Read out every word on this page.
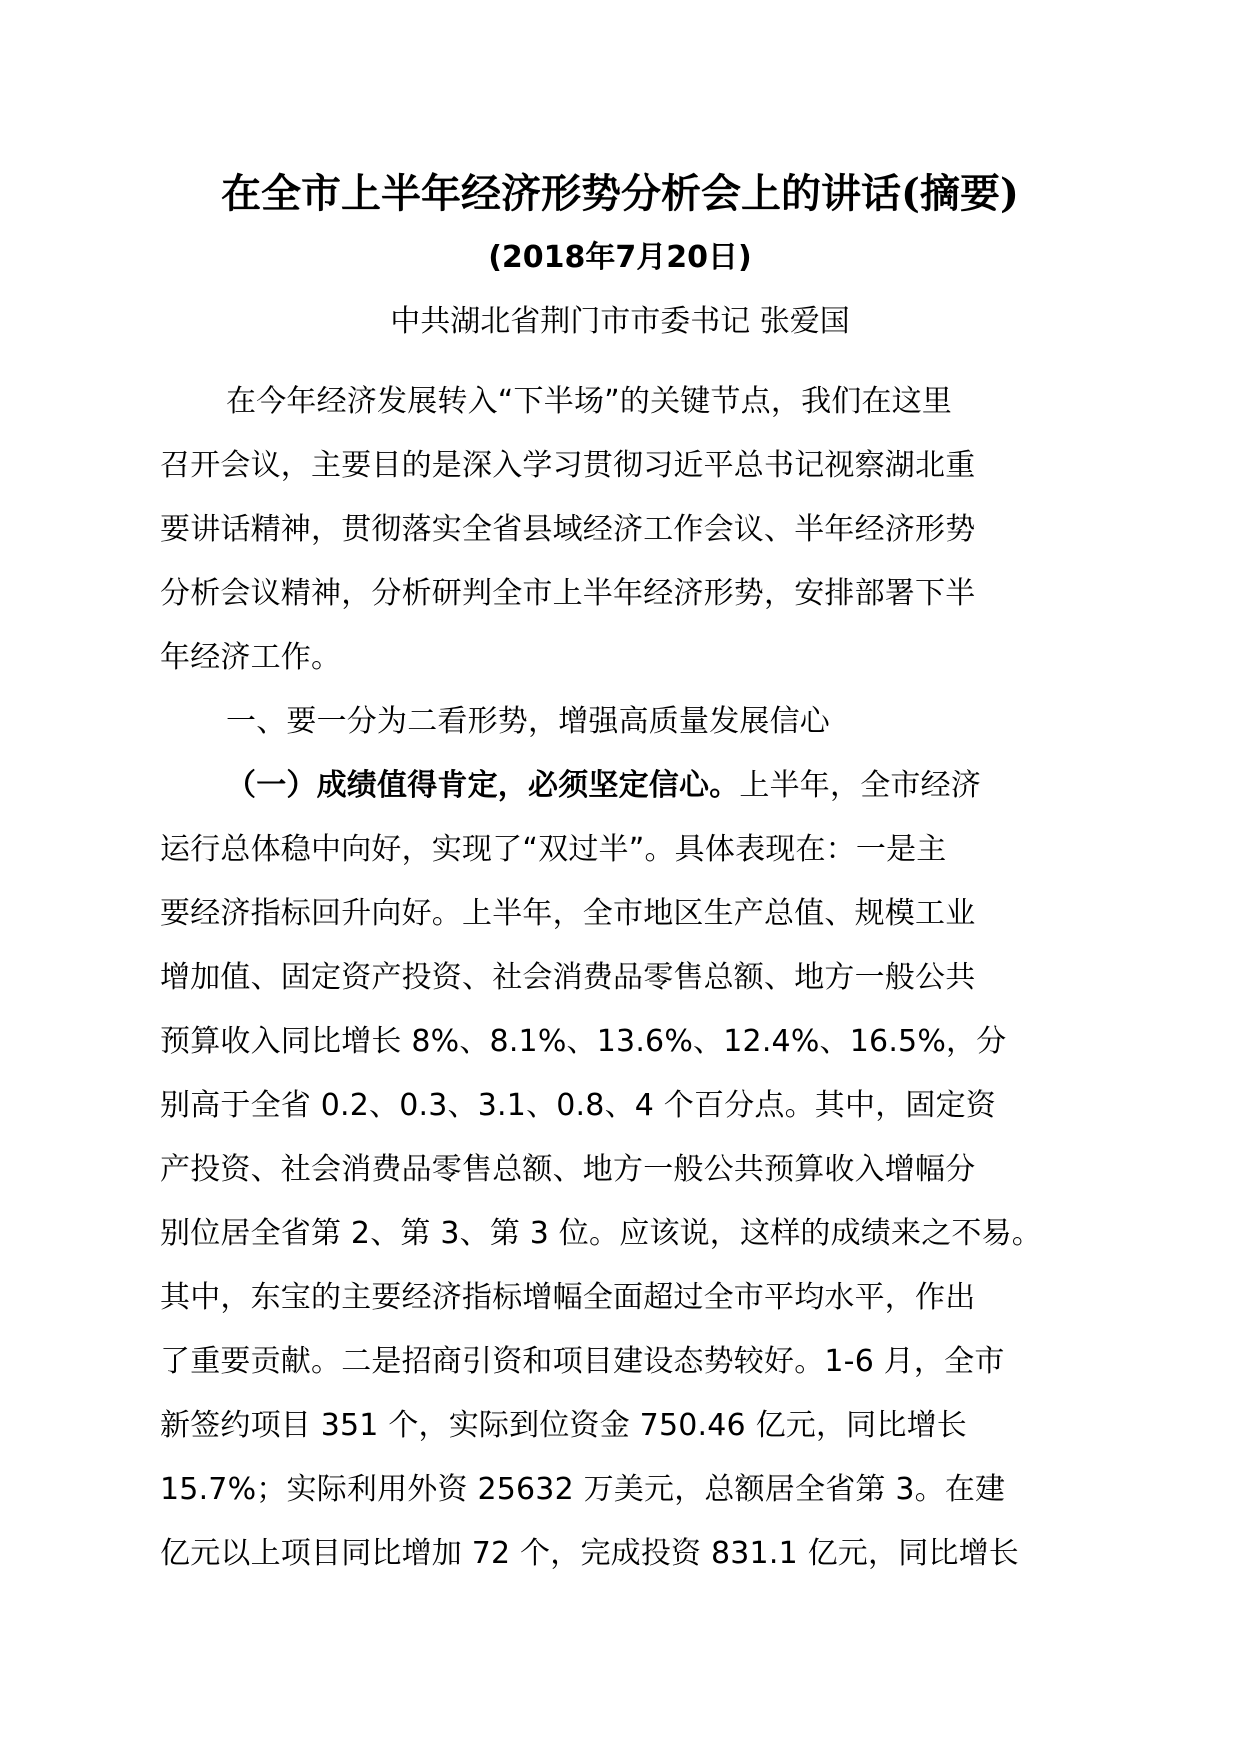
在全市上半年经济形势分析会上的讲话(摘要)
(2018年7月20日)
中共湖北省荆门市市委书记 张爱国
在今年经济发展转入“下半场”的关键节点，我们在这里
召开会议，主要目的是深入学习贯彻习近平总书记视察湖北重
要讲话精神，贯彻落实全省县域经济工作会议、半年经济形势
分析会议精神，分析研判全市上半年经济形势，安排部署下半
年经济工作。
一、要一分为二看形势，增强高质量发展信心
（一）成绩值得肯定，必须坚定信心。上半年，全市经济
运行总体稳中向好，实现了“双过半”。具体表现在：一是主
要经济指标回升向好。上半年，全市地区生产总值、规模工业
增加值、固定资产投资、社会消费品零售总额、地方一般公共
预算收入同比增长 8%、8.1%、13.6%、12.4%、16.5%，分
别高于全省 0.2、0.3、3.1、0.8、4 个百分点。其中，固定资
产投资、社会消费品零售总额、地方一般公共预算收入增幅分
别位居全省第 2、第 3、第 3 位。应该说，这样的成绩来之不易。
其中，东宝的主要经济指标增幅全面超过全市平均水平，作出
了重要贡献。二是招商引资和项目建设态势较好。1-6 月，全市
新签约项目 351 个，实际到位资金 750.46 亿元，同比增长
15.7%；实际利用外资 25632 万美元，总额居全省第 3。在建
亿元以上项目同比增加 72 个，完成投资 831.1 亿元，同比增长
